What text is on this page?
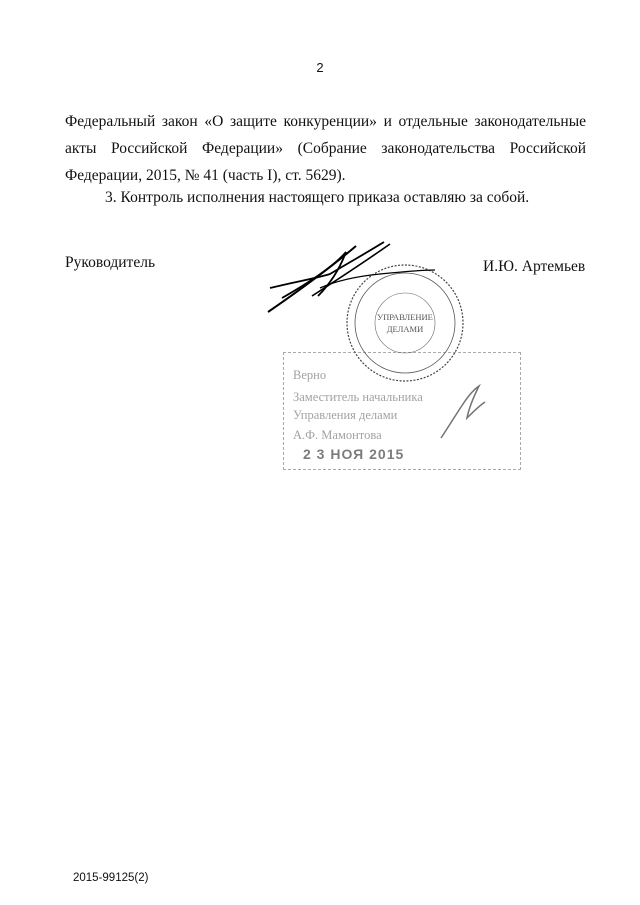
2

Федеральный закон «О защите конкуренции» и отдельные законодательные акты Российской Федерации» (Собрание законодательства Российской Федерации, 2015, № 41 (часть I), ст. 5629).

3. Контроль исполнения настоящего приказа оставляю за собой.

Руководитель
УПРАВЛЕНИЕ
ДЕЛАМИ
И.Ю. Артемьев
Верно
Заместитель начальника
Управления делами
А.Ф. Мамонтова
2 3 НОЯ 2015
2015-99125(2)
